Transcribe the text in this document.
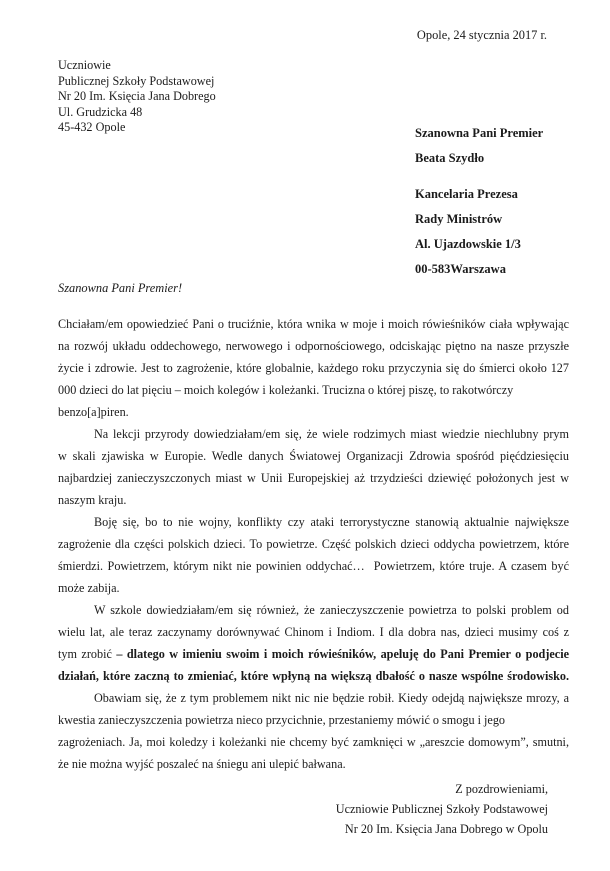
Opole, 24 stycznia 2017 r.
Uczniowie
Publicznej Szkoły Podstawowej
Nr 20 Im. Księcia Jana Dobrego
Ul. Grudzicka 48
45-432 Opole	Szanowna Pani Premier
Beata Szydło
Kancelaria Prezesa
Rady Ministrów
Al. Ujazdowskie 1/3
00-583Warszawa
Szanowna Pani Premier!
Chciałam/em opowiedzieć Pani o truciźnie, która wnika w moje i moich rówieśników ciała wpływając
na rozwój układu oddechowego, nerwowego i odpornościowego, odciskając piętno na nasze przyszłe
życie i zdrowie. Jest to zagrożenie, które globalnie, każdego roku przyczynia się do śmierci około 127
000 dzieci do lat pięciu – moich kolegów i koleżanki. Trucizna o której piszę, to rakotwórczy
benzo[a]piren.
Na lekcji przyrody dowiedziałam/em się, że wiele rodzimych miast wiedzie niechlubny prym
w skali zjawiska w Europie. Wedle danych Światowej Organizacji Zdrowia spośród pięćdziesięciu
najbardziej zanieczyszczonych miast w Unii Europejskiej aż trzydzieści dziewięć położonych jest w
naszym kraju.
Boję się, bo to nie wojny, konflikty czy ataki terrorystyczne stanowią aktualnie największe
zagrożenie dla części polskich dzieci. To powietrze. Część polskich dzieci oddycha powietrzem, które
śmierdzi. Powietrzem, którym nikt nie powinien oddychać…  Powietrzem, które truje. A czasem być
może zabija.
W szkole dowiedziałam/em się również, że zanieczyszczenie powietrza to polski problem od
wielu lat, ale teraz zaczynamy dorównywać Chinom i Indiom. I dla dobra nas, dzieci musimy coś z
tym zrobić – dlatego w imieniu swoim i moich rówieśników, apeluję do Pani Premier o podjecie
działań, które zaczną to zmieniać, które wpłyną na większą dbałość o nasze wspólne środowisko.
Obawiam się, że z tym problemem nikt nic nie będzie robił. Kiedy odejdą największe mrozy, a
kwestia zanieczyszczenia powietrza nieco przycichnie, przestaniemy mówić o smogu i jego
zagrożeniach. Ja, moi koledzy i koleżanki nie chcemy być zamknięci w „areszcie domowym”, smutni,
że nie można wyjść poszaleć na śniegu ani ulepić bałwana.
Z pozdrowieniami,
Uczniowie Publicznej Szkoły Podstawowej
Nr 20 Im. Księcia Jana Dobrego w Opolu
